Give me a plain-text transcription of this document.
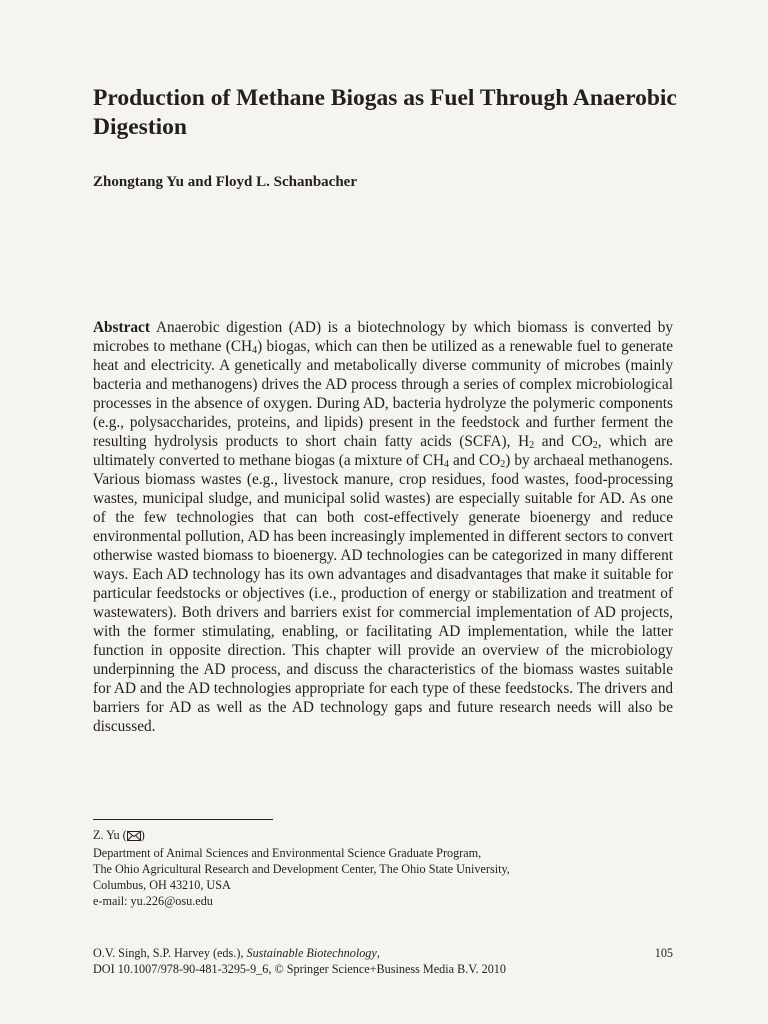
Production of Methane Biogas as Fuel Through Anaerobic Digestion
Zhongtang Yu and Floyd L. Schanbacher

Abstract Anaerobic digestion (AD) is a biotechnology by which biomass is converted by microbes to methane $(CH_4)$ biogas, which can then be utilized as a renewable fuel to generate heat and electricity. A genetically and metabolically diverse community of microbes (mainly bacteria and methanogens) drives the AD process through a series of complex microbiological processes in the absence of oxygen. During AD, bacteria hydrolyze the polymeric components (e.g., polysaccharides, proteins, and lipids) present in the feedstock and further ferment the resulting hydrolysis products to short chain fatty acids (SCFA), $H_2$ and $CO_2$, which are ultimately converted to methane biogas (a mixture of $CH_4$ and $CO_2$) by archaeal methanogens. Various biomass wastes (e.g., livestock manure, crop residues, food wastes, food-processing wastes, municipal sludge, and municipal solid wastes) are especially suitable for AD. As one of the few technologies that can both cost-effectively generate bioenergy and reduce environmental pollution, AD has been increasingly implemented in different sectors to convert otherwise wasted biomass to bioenergy. AD technologies can be categorized in many different ways. Each AD technology has its own advantages and disadvantages that make it suitable for particular feedstocks or objectives (i.e., production of energy or stabilization and treatment of wastewaters). Both drivers and barriers exist for commercial implementation of AD projects, with the former stimulating, enabling, or facilitating AD implementation, while the latter function in opposite direction. This chapter will provide an overview of the microbiology underpinning the AD process, and discuss the characteristics of the biomass wastes suitable for AD and the AD technologies appropriate for each type of these feedstocks. The drivers and barriers for AD as well as the AD technology gaps and future research needs will also be discussed.

Z. Yu ( )
Department of Animal Sciences and Environmental Science Graduate Program,
The Ohio Agricultural Research and Development Center, The Ohio State University,
Columbus, OH 43210, USA
e-mail: yu.226@osu.edu
O.V. Singh, S.P. Harvey (eds.), Sustainable Biotechnology,
DOI 10.1007/978-90-481-3295-9_6, © Springer Science+Business Media B.V. 2010
105
